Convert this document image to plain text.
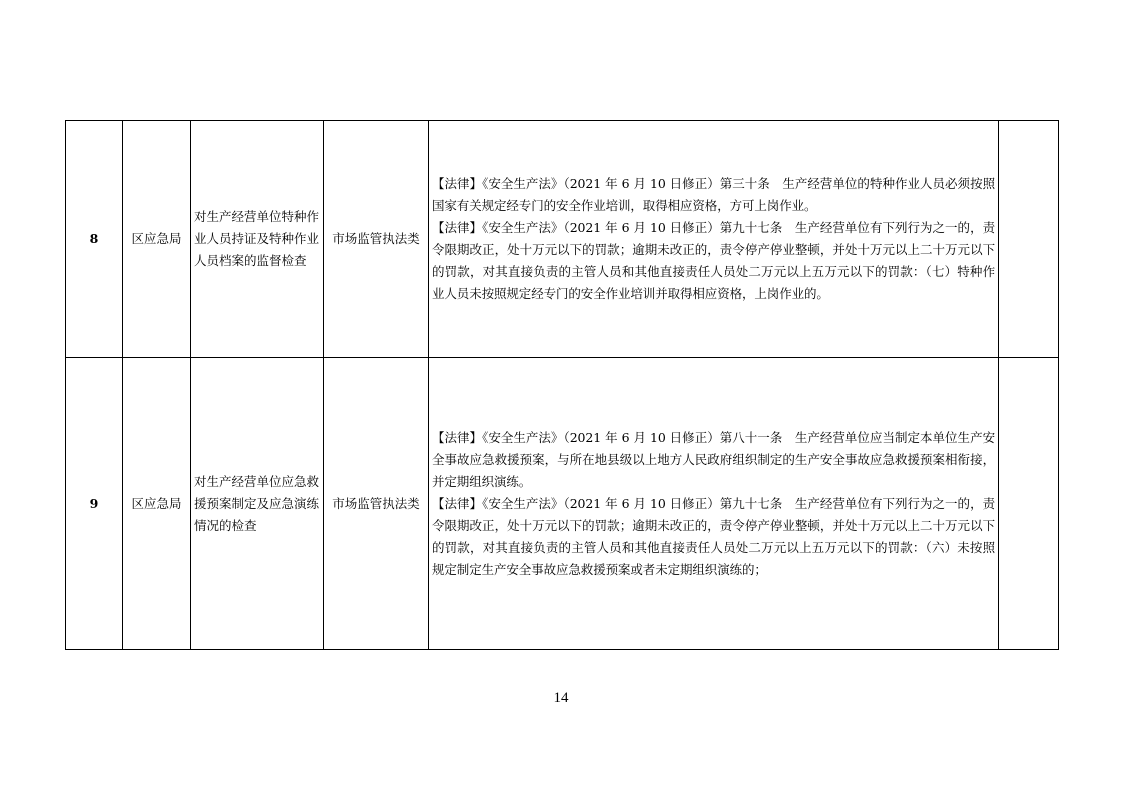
8	区应急局	对生产经营单位特种作业人员持证及特种作业人员档案的监督检查	市场监管执法类	【法律】《安全生产法》（2021 年 6 月 10 日修正）第三十条　生产经营单位的特种作业人员必须按照国家有关规定经专门的安全作业培训，取得相应资格，方可上岗作业。
【法律】《安全生产法》（2021 年 6 月 10 日修正）第九十七条　生产经营单位有下列行为之一的，责令限期改正，处十万元以下的罚款；逾期未改正的，责令停产停业整顿，并处十万元以上二十万元以下的罚款，对其直接负责的主管人员和其他直接责任人员处二万元以上五万元以下的罚款：（七）特种作业人员未按照规定经专门的安全作业培训并取得相应资格，上岗作业的。	

9	区应急局	对生产经营单位应急救援预案制定及应急演练情况的检查	市场监管执法类	【法律】《安全生产法》（2021 年 6 月 10 日修正）第八十一条　生产经营单位应当制定本单位生产安全事故应急救援预案，与所在地县级以上地方人民政府组织制定的生产安全事故应急救援预案相衔接，并定期组织演练。
【法律】《安全生产法》（2021 年 6 月 10 日修正）第九十七条　生产经营单位有下列行为之一的，责令限期改正，处十万元以下的罚款；逾期未改正的，责令停产停业整顿，并处十万元以上二十万元以下的罚款，对其直接负责的主管人员和其他直接责任人员处二万元以上五万元以下的罚款：（六）未按照规定制定生产安全事故应急救援预案或者未定期组织演练的；	

14
